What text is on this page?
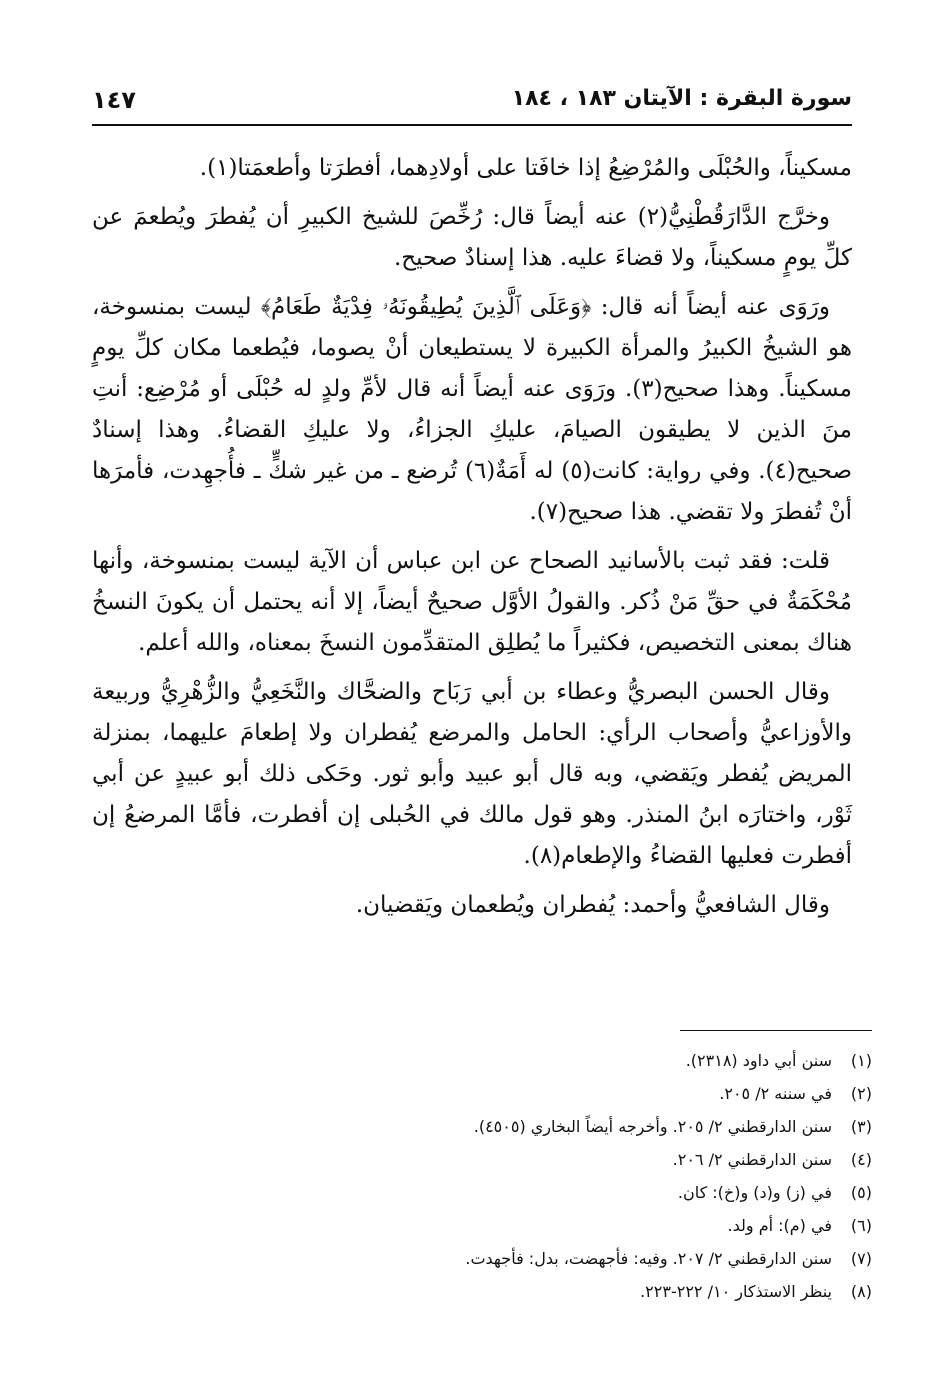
سورة البقرة : الآيتان ١٨٣ ، ١٨٤
١٤٧

مسكيناً، والحُبْلَى والمُرْضِعُ إذا خافَتا على أولادِهما، أفطرَتا وأطعمَتا(١).

وخرَّج الدَّارَقُطْنِيُّ(٢) عنه أيضاً قال: رُخِّصَ للشيخ الكبيرِ أن يُفطرَ ويُطعمَ عن كلِّ يومٍ مسكيناً، ولا قضاءَ عليه. هذا إسنادٌ صحيح.

ورَوَى عنه أيضاً أنه قال: ﴿وَعَلَى ٱلَّذِينَ يُطِيقُونَهُۥ فِدْيَةٌ طَعَامُ﴾ ليست بمنسوخة، هو الشيخُ الكبيرُ والمرأة الكبيرة لا يستطيعان أنْ يصوما، فيُطعما مكان كلِّ يومٍ مسكيناً. وهذا صحيح(٣). ورَوَى عنه أيضاً أنه قال لأمِّ ولدٍ له حُبْلَى أو مُرْضِع: أنتِ منَ الذين لا يطيقون الصيامَ، عليكِ الجزاءُ، ولا عليكِ القضاءُ. وهذا إسنادٌ صحيح(٤). وفي رواية: كانت(٥) له أَمَةٌ(٦) تُرضع ـ من غير شكٍّ ـ فأُجهِدت، فأمرَها أنْ تُفطرَ ولا تقضي. هذا صحيح(٧).

قلت: فقد ثبت بالأسانيد الصحاح عن ابن عباس أن الآية ليست بمنسوخة، وأنها مُحْكَمَةٌ في حقِّ مَنْ ذُكر. والقولُ الأوَّل صحيحٌ أيضاً، إلا أنه يحتمل أن يكونَ النسخُ هناك بمعنى التخصيص، فكثيراً ما يُطلِق المتقدِّمون النسخَ بمعناه، والله أعلم.

وقال الحسن البصريُّ وعطاء بن أبي رَبَاح والضحَّاك والنَّخَعِيُّ والزُّهْرِيُّ وربيعة والأوزاعيُّ وأصحاب الرأي: الحامل والمرضع يُفطران ولا إطعامَ عليهما، بمنزلة المريض يُفطر ويَقضي، وبه قال أبو عبيد وأبو ثور. وحَكى ذلك أبو عبيدٍ عن أبي ثَوْر، واختارَه ابنُ المنذر. وهو قول مالك في الحُبلى إن أفطرت، فأمَّا المرضعُ إن أفطرت فعليها القضاءُ والإطعام(٨).

وقال الشافعيُّ وأحمد: يُفطران ويُطعمان ويَقضيان.

(١)سنن أبي داود (٢٣١٨).
(٢)في سننه ٢/ ٢٠٥.
(٣)سنن الدارقطني ٢/ ٢٠٥. وأخرجه أيضاً البخاري (٤٥٠٥).
(٤)سنن الدارقطني ٢/ ٢٠٦.
(٥)في (ز) و(د) و(خ): كان.
(٦)في (م): أم ولد.
(٧)سنن الدارقطني ٢/ ٢٠٧. وفيه: فأجهضت، بدل: فأجهدت.
(٨)ينظر الاستذكار ١٠/ ٢٢٢-٢٢٣.
